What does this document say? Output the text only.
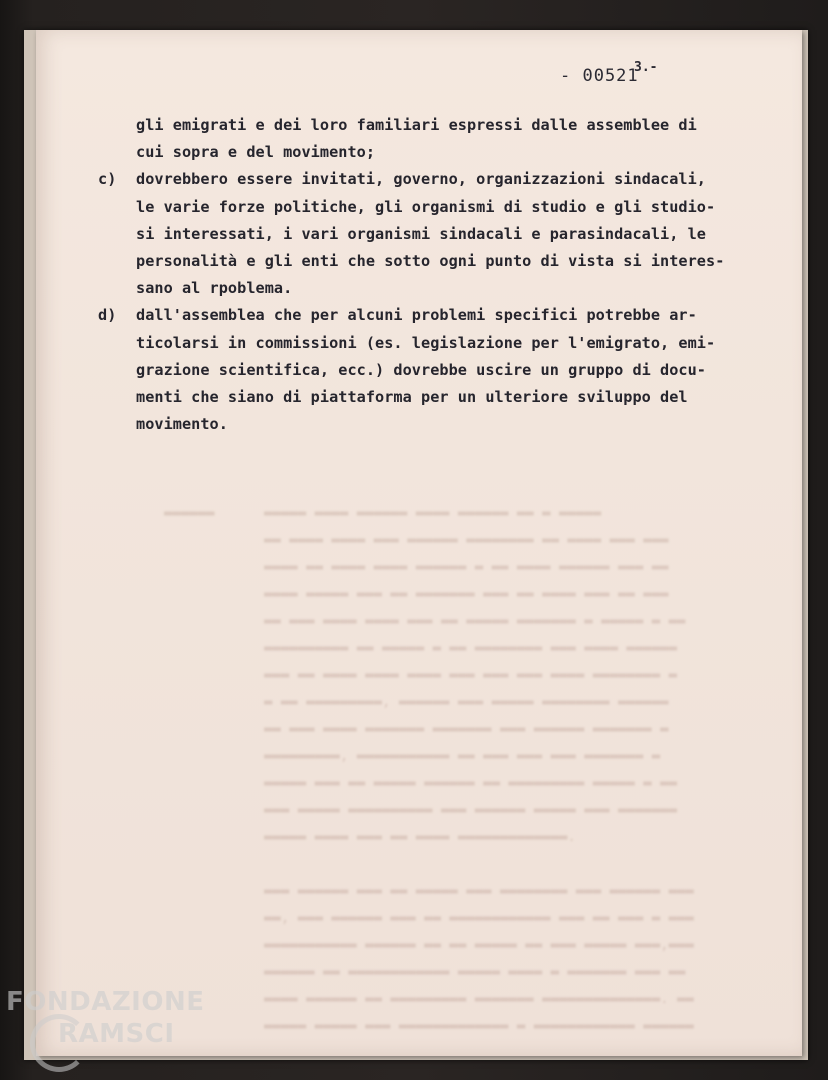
▬▬▬▬▬▬	▬▬▬▬▬ ▬▬▬▬ ▬▬▬▬▬▬ ▬▬▬▬ ▬▬▬▬▬▬ ▬▬ ▬ ▬▬▬▬▬
▬▬ ▬▬▬▬ ▬▬▬▬ ▬▬▬ ▬▬▬▬▬▬ ▬▬▬▬▬▬▬▬ ▬▬ ▬▬▬▬ ▬▬▬ ▬▬▬
▬▬▬▬ ▬▬ ▬▬▬▬ ▬▬▬▬ ▬▬▬▬▬▬ ▬ ▬▬ ▬▬▬▬ ▬▬▬▬▬▬ ▬▬▬ ▬▬
▬▬▬▬ ▬▬▬▬▬ ▬▬▬ ▬▬ ▬▬▬▬▬▬▬ ▬▬▬ ▬▬ ▬▬▬▬ ▬▬▬ ▬▬ ▬▬▬
▬▬ ▬▬▬ ▬▬▬▬ ▬▬▬▬ ▬▬▬ ▬▬ ▬▬▬▬▬ ▬▬▬▬▬▬▬ ▬ ▬▬▬▬▬ ▬ ▬▬
▬▬▬▬▬▬▬▬▬▬ ▬▬ ▬▬▬▬▬ ▬ ▬▬ ▬▬▬▬▬▬▬▬ ▬▬▬ ▬▬▬▬ ▬▬▬▬▬▬
▬▬▬ ▬▬ ▬▬▬▬ ▬▬▬▬ ▬▬▬▬ ▬▬▬ ▬▬▬ ▬▬▬ ▬▬▬▬ ▬▬▬▬▬▬▬▬ ▬
▬ ▬▬ ▬▬▬▬▬▬▬▬▬, ▬▬▬▬▬▬ ▬▬▬ ▬▬▬▬▬ ▬▬▬▬▬▬▬▬ ▬▬▬▬▬▬
▬▬ ▬▬▬ ▬▬▬▬ ▬▬▬▬▬▬▬ ▬▬▬▬▬▬▬ ▬▬▬ ▬▬▬▬▬▬ ▬▬▬▬▬▬▬ ▬
▬▬▬▬▬▬▬▬▬, ▬▬▬▬▬▬▬▬▬▬▬ ▬▬ ▬▬▬ ▬▬▬ ▬▬▬ ▬▬▬▬▬▬▬ ▬
▬▬▬▬▬ ▬▬▬ ▬▬ ▬▬▬▬▬ ▬▬▬▬▬▬ ▬▬ ▬▬▬▬▬▬▬▬▬ ▬▬▬▬▬ ▬ ▬▬
▬▬▬ ▬▬▬▬▬ ▬▬▬▬▬▬▬▬▬▬ ▬▬▬ ▬▬▬▬▬▬ ▬▬▬▬▬ ▬▬▬ ▬▬▬▬▬▬▬
▬▬▬▬▬ ▬▬▬▬ ▬▬▬ ▬▬ ▬▬▬▬ ▬▬▬▬▬▬▬▬▬▬▬▬▬.

▬▬▬ ▬▬▬▬▬▬ ▬▬▬ ▬▬ ▬▬▬▬▬ ▬▬▬ ▬▬▬▬▬▬▬▬ ▬▬▬ ▬▬▬▬▬▬ ▬▬▬
▬▬, ▬▬▬ ▬▬▬▬▬▬ ▬▬▬ ▬▬ ▬▬▬▬▬▬▬▬▬▬▬▬ ▬▬▬ ▬▬ ▬▬▬ ▬ ▬▬▬
▬▬▬▬▬▬▬▬▬▬▬ ▬▬▬▬▬▬ ▬▬ ▬▬ ▬▬▬▬▬ ▬▬ ▬▬▬ ▬▬▬▬▬ ▬▬▬,▬▬▬
▬▬▬▬▬▬ ▬▬ ▬▬▬▬▬▬▬▬▬▬▬▬ ▬▬▬▬▬ ▬▬▬▬ ▬ ▬▬▬▬▬▬▬ ▬▬▬ ▬▬
▬▬▬▬ ▬▬▬▬▬▬ ▬▬ ▬▬▬▬▬▬▬▬▬ ▬▬▬▬▬▬▬ ▬▬▬▬▬▬▬▬▬▬▬▬▬▬. ▬▬
▬▬▬▬▬ ▬▬▬▬▬ ▬▬▬ ▬▬▬▬▬▬▬▬▬▬▬▬▬ ▬ ▬▬▬▬▬▬▬▬▬▬▬▬ ▬▬▬▬▬▬
- 00521
3.-
gli emigrati e dei loro familiari espressi dalle assemblee di
cui sopra e del movimento;
c) dovrebbero essere invitati, governo, organizzazioni sindacali,
le varie forze politiche, gli organismi di studio e gli studio-
si interessati, i vari organismi sindacali e parasindacali, le
personalità e gli enti che sotto ogni punto di vista si interes-
sano al rpoblema.
d) dall'assemblea che per alcuni problemi specifici potrebbe ar-
ticolarsi in commissioni (es. legislazione per l'emigrato, emi-
grazione scientifica, ecc.) dovrebbe uscire un gruppo di docu-
menti che siano di piattaforma per un ulteriore sviluppo del
movimento.
FONDAZIONE
RAMSCI
